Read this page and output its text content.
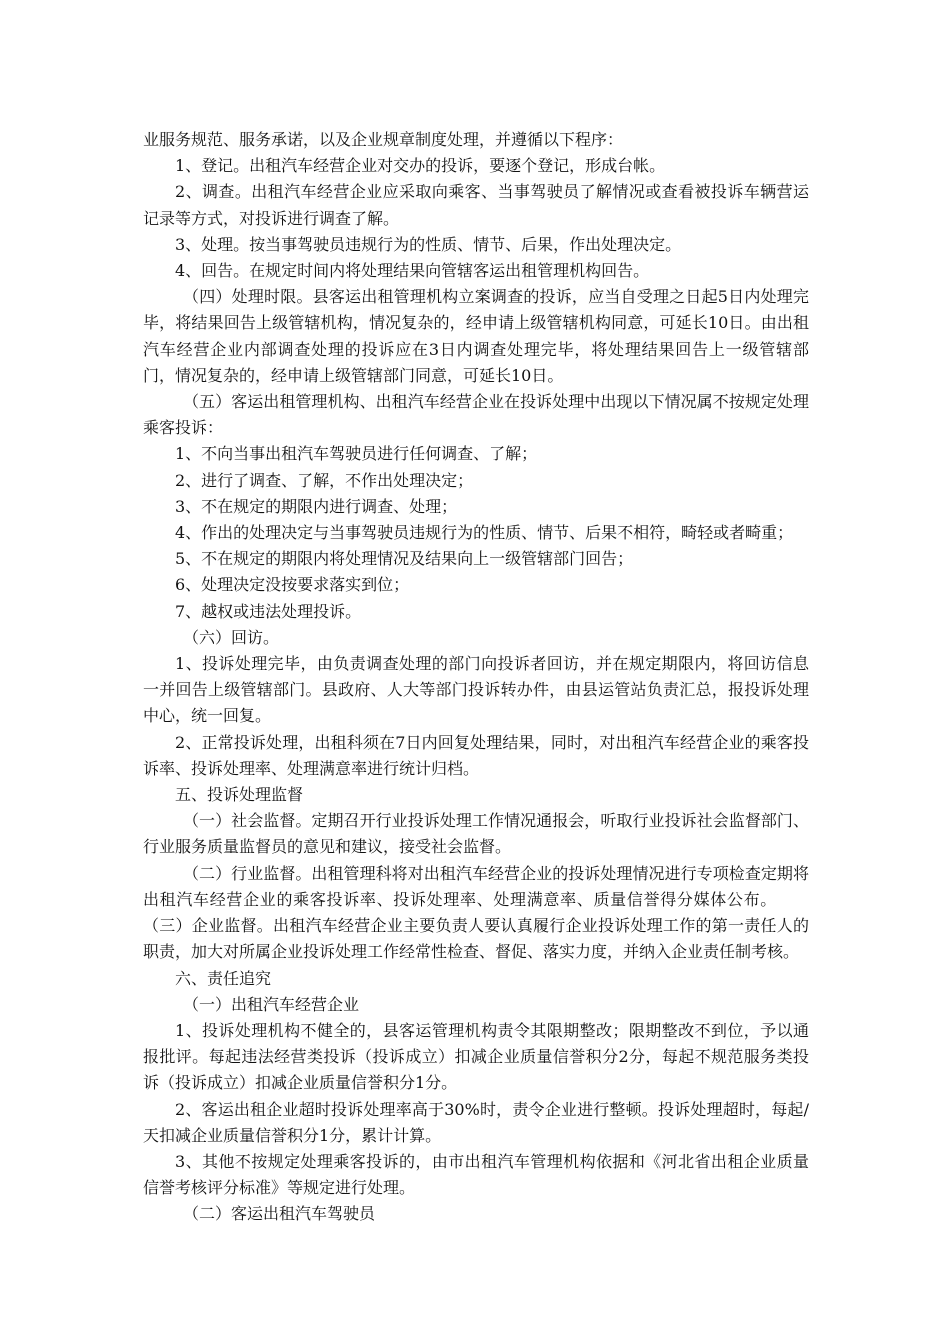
业服务规范、服务承诺，以及企业规章制度处理，并遵循以下程序：

1、登记。出租汽车经营企业对交办的投诉，要逐个登记，形成台帐。

2、调查。出租汽车经营企业应采取向乘客、当事驾驶员了解情况或查看被投诉车辆营运记录等方式，对投诉进行调查了解。

3、处理。按当事驾驶员违规行为的性质、情节、后果，作出处理决定。

4、回告。在规定时间内将处理结果向管辖客运出租管理机构回告。

（四）处理时限。县客运出租管理机构立案调查的投诉，应当自受理之日起5日内处理完毕，将结果回告上级管辖机构，情况复杂的，经申请上级管辖机构同意，可延长10日。由出租汽车经营企业内部调查处理的投诉应在3日内调查处理完毕，将处理结果回告上一级管辖部门，情况复杂的，经申请上级管辖部门同意，可延长10日。

（五）客运出租管理机构、出租汽车经营企业在投诉处理中出现以下情况属不按规定处理乘客投诉：

1、不向当事出租汽车驾驶员进行任何调查、了解；

2、进行了调查、了解，不作出处理决定；

3、不在规定的期限内进行调查、处理；

4、作出的处理决定与当事驾驶员违规行为的性质、情节、后果不相符，畸轻或者畸重；

5、不在规定的期限内将处理情况及结果向上一级管辖部门回告；

6、处理决定没按要求落实到位；

7、越权或违法处理投诉。

（六）回访。

1、投诉处理完毕，由负责调查处理的部门向投诉者回访，并在规定期限内，将回访信息一并回告上级管辖部门。县政府、人大等部门投诉转办件，由县运管站负责汇总，报投诉处理中心，统一回复。

2、正常投诉处理，出租科须在7日内回复处理结果，同时，对出租汽车经营企业的乘客投诉率、投诉处理率、处理满意率进行统计归档。

五、投诉处理监督

（一）社会监督。定期召开行业投诉处理工作情况通报会，听取行业投诉社会监督部门、行业服务质量监督员的意见和建议，接受社会监督。

（二）行业监督。出租管理科将对出租汽车经营企业的投诉处理情况进行专项检查定期将出租汽车经营企业的乘客投诉率、投诉处理率、处理满意率、质量信誉得分媒体公布。（三）企业监督。出租汽车经营企业主要负责人要认真履行企业投诉处理工作的第一责任人的职责，加大对所属企业投诉处理工作经常性检查、督促、落实力度，并纳入企业责任制考核。

六、责任追究

（一）出租汽车经营企业

1、投诉处理机构不健全的，县客运管理机构责令其限期整改；限期整改不到位，予以通报批评。每起违法经营类投诉（投诉成立）扣减企业质量信誉积分2分，每起不规范服务类投诉（投诉成立）扣减企业质量信誉积分1分。

2、客运出租企业超时投诉处理率高于30%时，责令企业进行整顿。投诉处理超时，每起/天扣减企业质量信誉积分1分，累计计算。

3、其他不按规定处理乘客投诉的，由市出租汽车管理机构依据和《河北省出租企业质量信誉考核评分标准》等规定进行处理。

（二）客运出租汽车驾驶员
